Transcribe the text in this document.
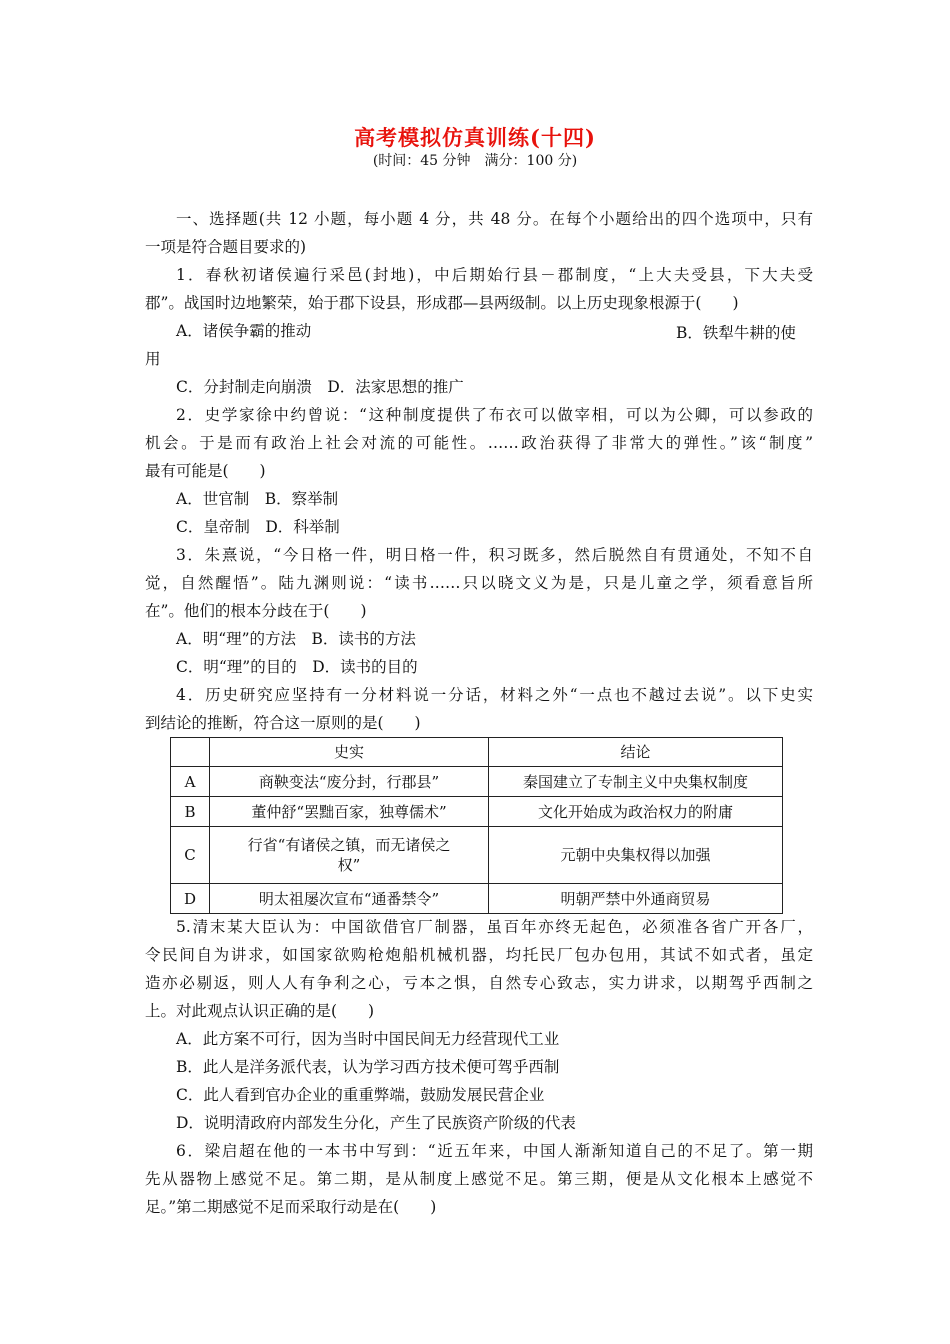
高考模拟仿真训练(十四)
(时间：45 分钟　满分：100 分)
一、选择题(共 12 小题，每小题 4 分，共 48 分。在每个小题给出的四个选项中，只有
一项是符合题目要求的)
1．春秋初诸侯遍行采邑(封地)，中后期始行县－郡制度，“上大夫受县，下大夫受
郡”。战国时边地繁荣，始于郡下设县，形成郡—县两级制。以上历史现象根源于(　　)
A．诸侯争霸的推动	B．铁犁牛耕的使
用
C．分封制走向崩溃　D．法家思想的推广
2．史学家徐中约曾说：“这种制度提供了布衣可以做宰相，可以为公卿，可以参政的
机会。于是而有政治上社会对流的可能性。……政治获得了非常大的弹性。”该“制度”
最有可能是(　　)
A．世官制　B．察举制
C．皇帝制　D．科举制
3．朱熹说，“今日格一件，明日格一件，积习既多，然后脱然自有贯通处，不知不自
觉，自然醒悟”。陆九渊则说：“读书……只以晓文义为是，只是儿童之学，须看意旨所
在”。他们的根本分歧在于(　　)
A．明“理”的方法　B．读书的方法
C．明“理”的目的　D．读书的目的
4．历史研究应坚持有一分材料说一分话，材料之外“一点也不越过去说”。以下史实
到结论的推断，符合这一原则的是(　　)
	史实	结论
A	商鞅变法“废分封，行郡县”	秦国建立了专制主义中央集权制度
B	董仲舒“罢黜百家，独尊儒术”	文化开始成为政治权力的附庸
C	行省“有诸侯之镇，而无诸侯之
权”	元朝中央集权得以加强
D	明太祖屡次宣布“通番禁令”	明朝严禁中外通商贸易
5.清末某大臣认为：中国欲借官厂制器，虽百年亦终无起色，必须准各省广开各厂，
令民间自为讲求，如国家欲购枪炮船机械机器，均托民厂包办包用，其试不如式者，虽定
造亦必剔返，则人人有争利之心，亏本之惧，自然专心致志，实力讲求，以期驾乎西制之
上。对此观点认识正确的是(　　)
A．此方案不可行，因为当时中国民间无力经营现代工业
B．此人是洋务派代表，认为学习西方技术便可驾乎西制
C．此人看到官办企业的重重弊端，鼓励发展民营企业
D．说明清政府内部发生分化，产生了民族资产阶级的代表
6．梁启超在他的一本书中写到：“近五年来，中国人渐渐知道自己的不足了。第一期
先从器物上感觉不足。第二期，是从制度上感觉不足。第三期，便是从文化根本上感觉不
足。”第二期感觉不足而采取行动是在(　　)
